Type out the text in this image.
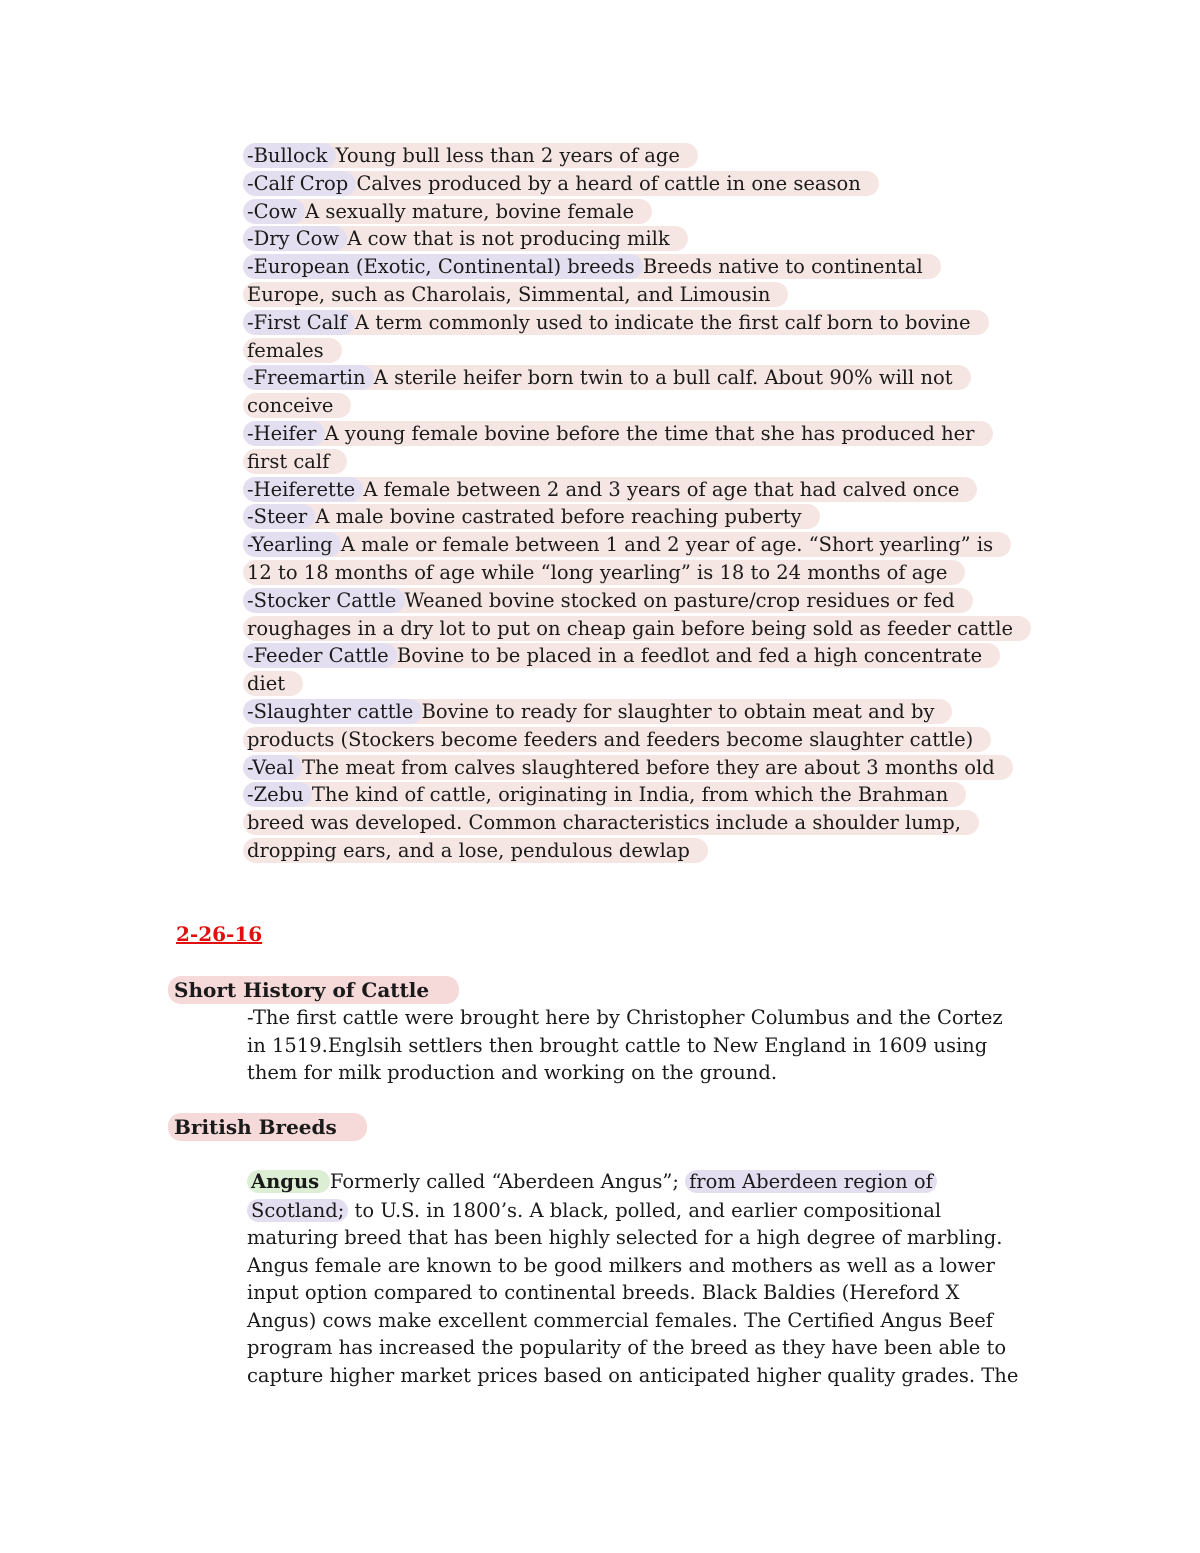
-Bullock Young bull less than 2 years of age
-Calf Crop Calves produced by a heard of cattle in one season
-Cow A sexually mature, bovine female
-Dry Cow A cow that is not producing milk
-European (Exotic, Continental) breeds Breeds native to continental
Europe, such as Charolais, Simmental, and Limousin
-First Calf A term commonly used to indicate the first calf born to bovine
females
-Freemartin A sterile heifer born twin to a bull calf. About 90% will not
conceive
-Heifer A young female bovine before the time that she has produced her
first calf
-Heiferette A female between 2 and 3 years of age that had calved once
-Steer A male bovine castrated before reaching puberty
-Yearling A male or female between 1 and 2 year of age. “Short yearling” is
12 to 18 months of age while “long yearling” is 18 to 24 months of age
-Stocker Cattle Weaned bovine stocked on pasture/crop residues or fed
roughages in a dry lot to put on cheap gain before being sold as feeder cattle
-Feeder Cattle Bovine to be placed in a feedlot and fed a high concentrate
diet
-Slaughter cattle Bovine to ready for slaughter to obtain meat and by
products (Stockers become feeders and feeders become slaughter cattle)
-Veal The meat from calves slaughtered before they are about 3 months old
-Zebu The kind of cattle, originating in India, from which the Brahman
breed was developed. Common characteristics include a shoulder lump,
dropping ears, and a lose, pendulous dewlap
2-26-16
Short History of Cattle
-The first cattle were brought here by Christopher Columbus and the Cortez
in 1519.Englsih settlers then brought cattle to New England in 1609 using
them for milk production and working on the ground.
British Breeds
Angus Formerly called “Aberdeen Angus”; from Aberdeen region of
Scotland; to U.S. in 1800’s. A black, polled, and earlier compositional
maturing breed that has been highly selected for a high degree of marbling.
Angus female are known to be good milkers and mothers as well as a lower
input option compared to continental breeds. Black Baldies (Hereford X
Angus) cows make excellent commercial females. The Certified Angus Beef
program has increased the popularity of the breed as they have been able to
capture higher market prices based on anticipated higher quality grades. The
